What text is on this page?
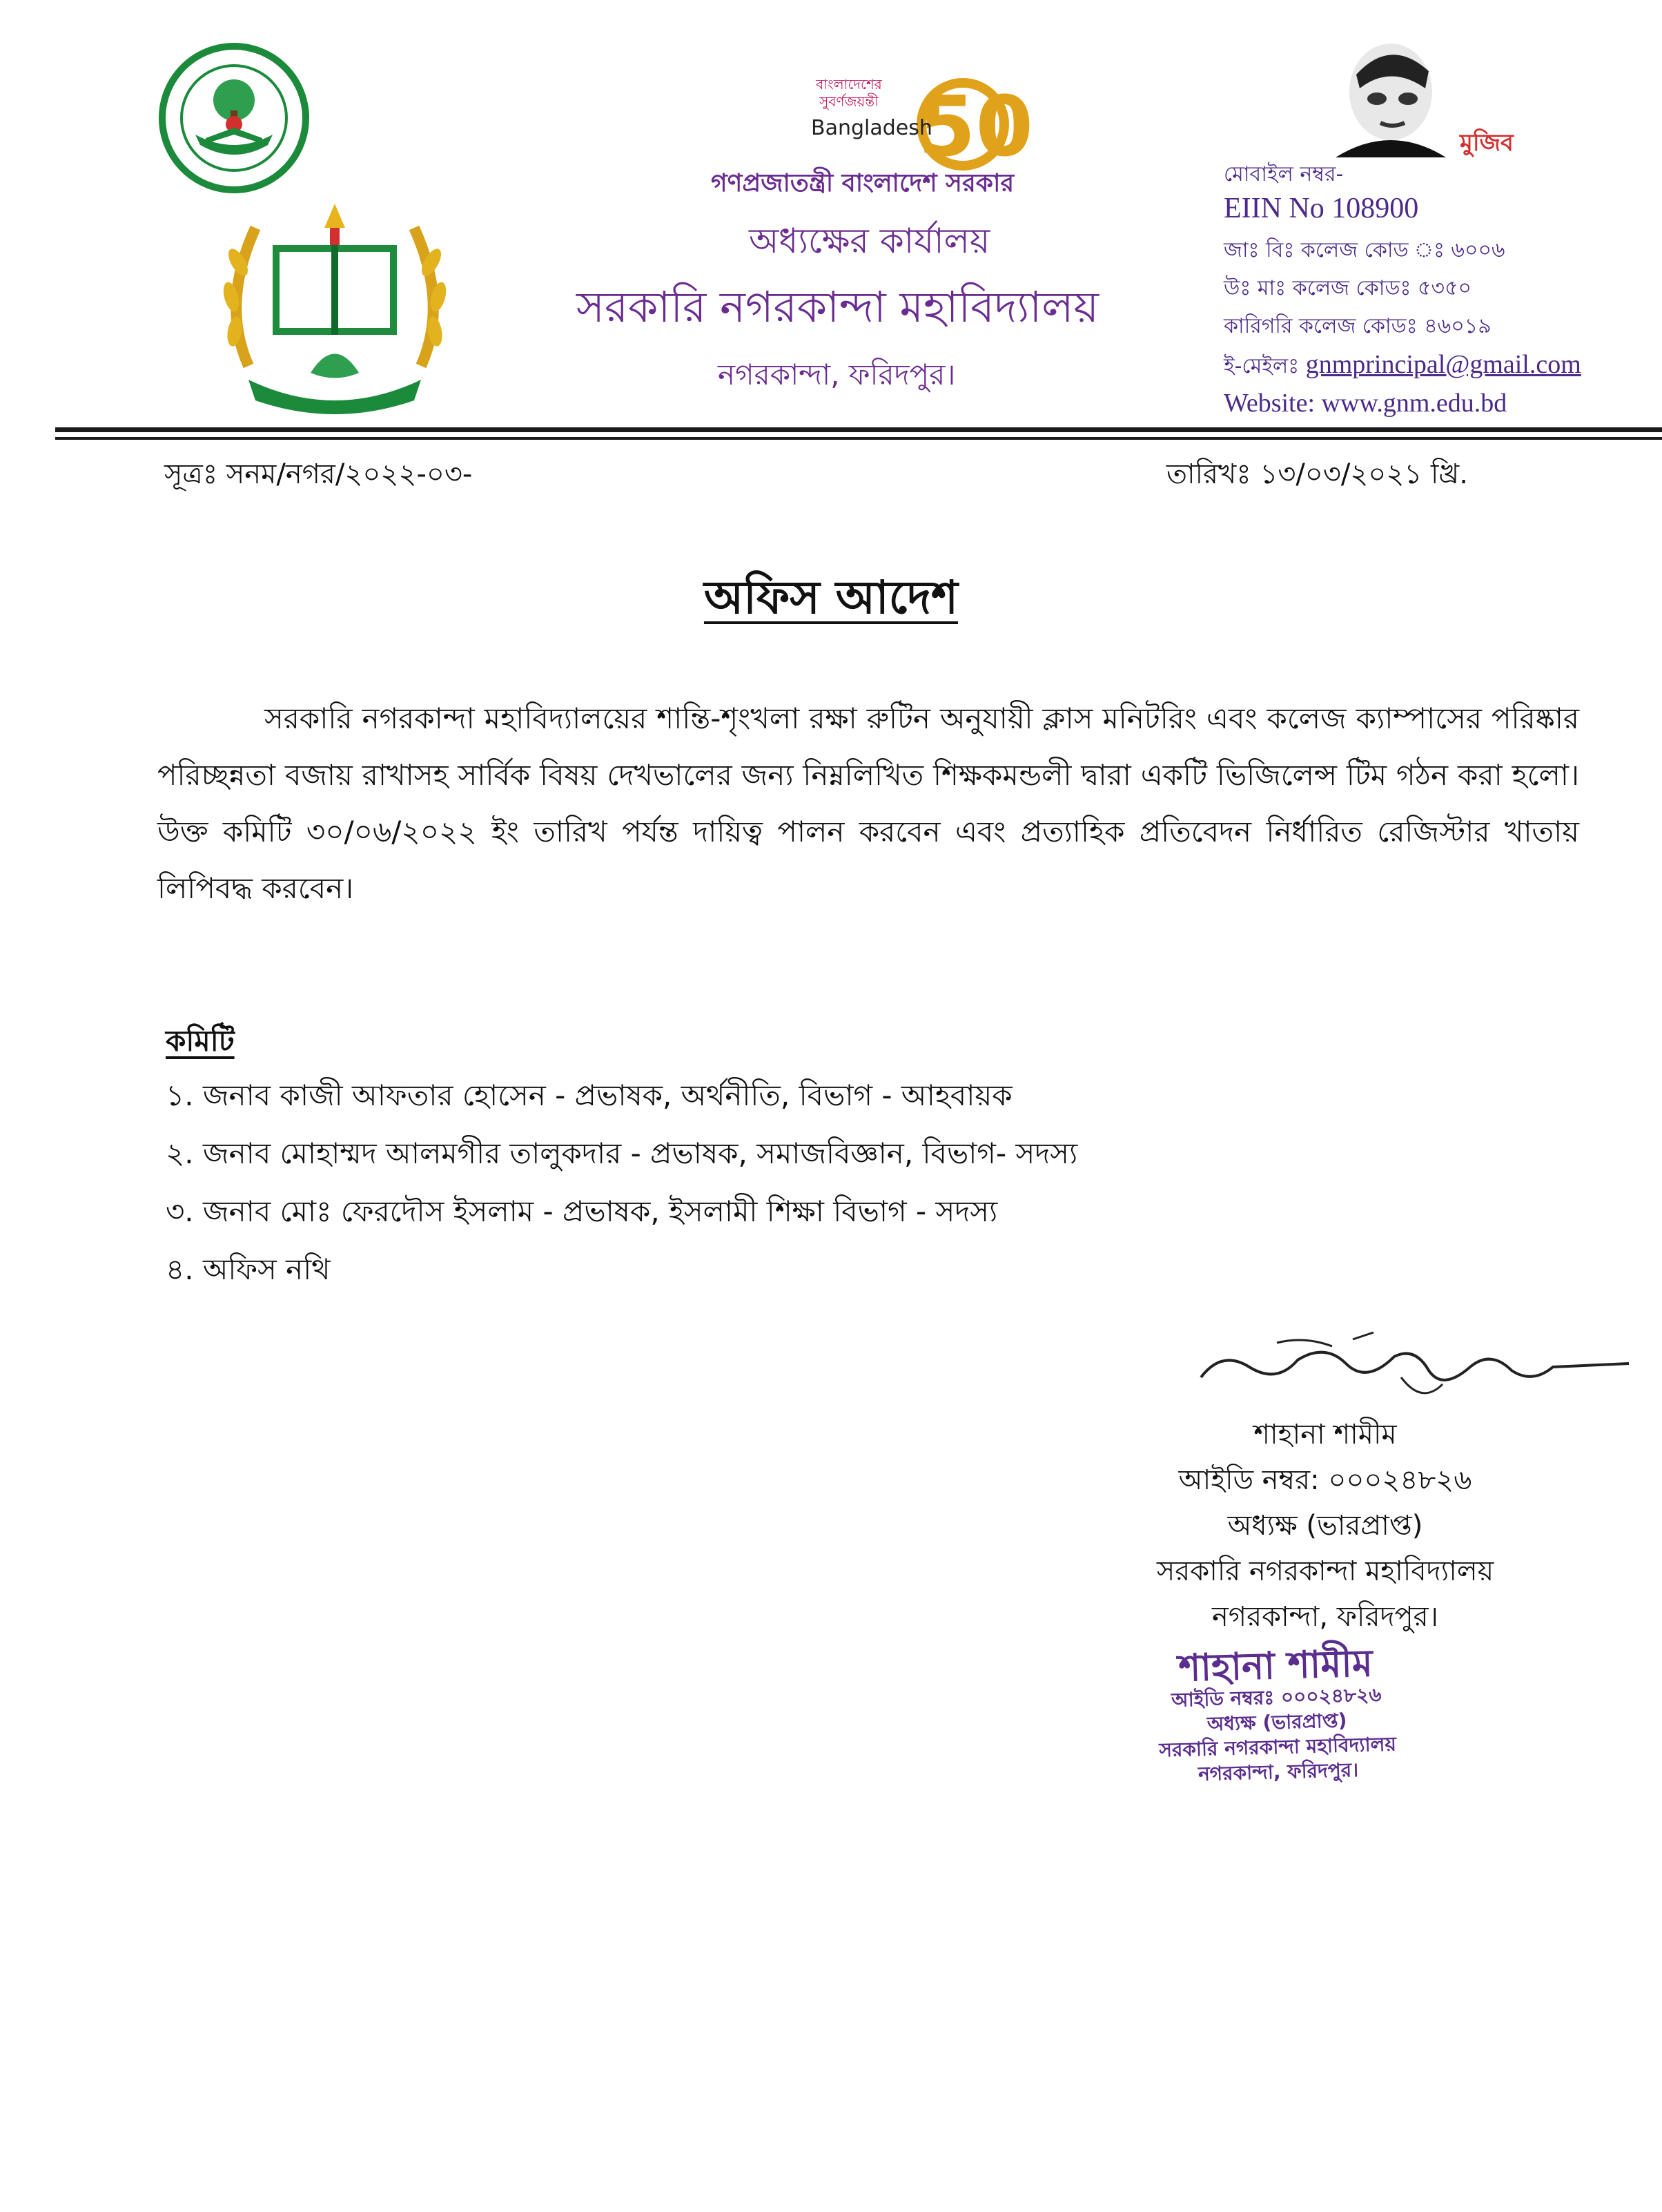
50
বাংলাদেশের
সুবর্ণজয়ন্তী
Bangladesh
মুজিব
গণপ্রজাতন্ত্রী বাংলাদেশ সরকার
অধ্যক্ষের কার্যালয়
সরকারি নগরকান্দা মহাবিদ্যালয়
নগরকান্দা, ফরিদপুর।
মোবাইল নম্বর-
EIIN No 108900
জাঃ বিঃ কলেজ কোড ঃ ৬০০৬
উঃ মাঃ কলেজ কোডঃ ৫৩৫০
কারিগরি কলেজ কোডঃ ৪৬০১৯
ই-মেইলঃ gnmprincipal@gmail.com
Website: www.gnm.edu.bd
সূত্রঃ সনম/নগর/২০২২-০৩-	তারিখঃ ১৩/০৩/২০২১ খ্রি.
অফিস আদেশ
সরকারি নগরকান্দা মহাবিদ্যালয়ের শান্তি-শৃংখলা রক্ষা রুটিন অনুযায়ী ক্লাস মনিটরিং এবং কলেজ ক্যাম্পাসের পরিষ্কার পরিচ্ছন্নতা বজায় রাখাসহ সার্বিক বিষয় দেখভালের জন্য নিম্নলিখিত শিক্ষকমন্ডলী দ্বারা একটি ভিজিলেন্স টিম গঠন করা হলো। উক্ত কমিটি ৩০/০৬/২০২২ ইং তারিখ পর্যন্ত দায়িত্ব পালন করবেন এবং প্রত্যাহিক প্রতিবেদন নির্ধারিত রেজিস্টার খাতায় লিপিবদ্ধ করবেন।
কমিটি
১. জনাব কাজী আফতার হোসেন - প্রভাষক, অর্থনীতি, বিভাগ - আহবায়ক
২. জনাব মোহাম্মদ আলমগীর তালুকদার - প্রভাষক, সমাজবিজ্ঞান, বিভাগ- সদস্য
৩. জনাব মোঃ ফেরদৌস ইসলাম - প্রভাষক, ইসলামী শিক্ষা বিভাগ - সদস্য
৪. অফিস নথি
শাহানা শামীম
আইডি নম্বর: ০০০২৪৮২৬
অধ্যক্ষ (ভারপ্রাপ্ত)
সরকারি নগরকান্দা মহাবিদ্যালয়
নগরকান্দা, ফরিদপুর।
শাহানা শামীম
আইডি নম্বরঃ ০০০২৪৮২৬
অধ্যক্ষ (ভারপ্রাপ্ত)
সরকারি নগরকান্দা মহাবিদ্যালয়
নগরকান্দা, ফরিদপুর।
